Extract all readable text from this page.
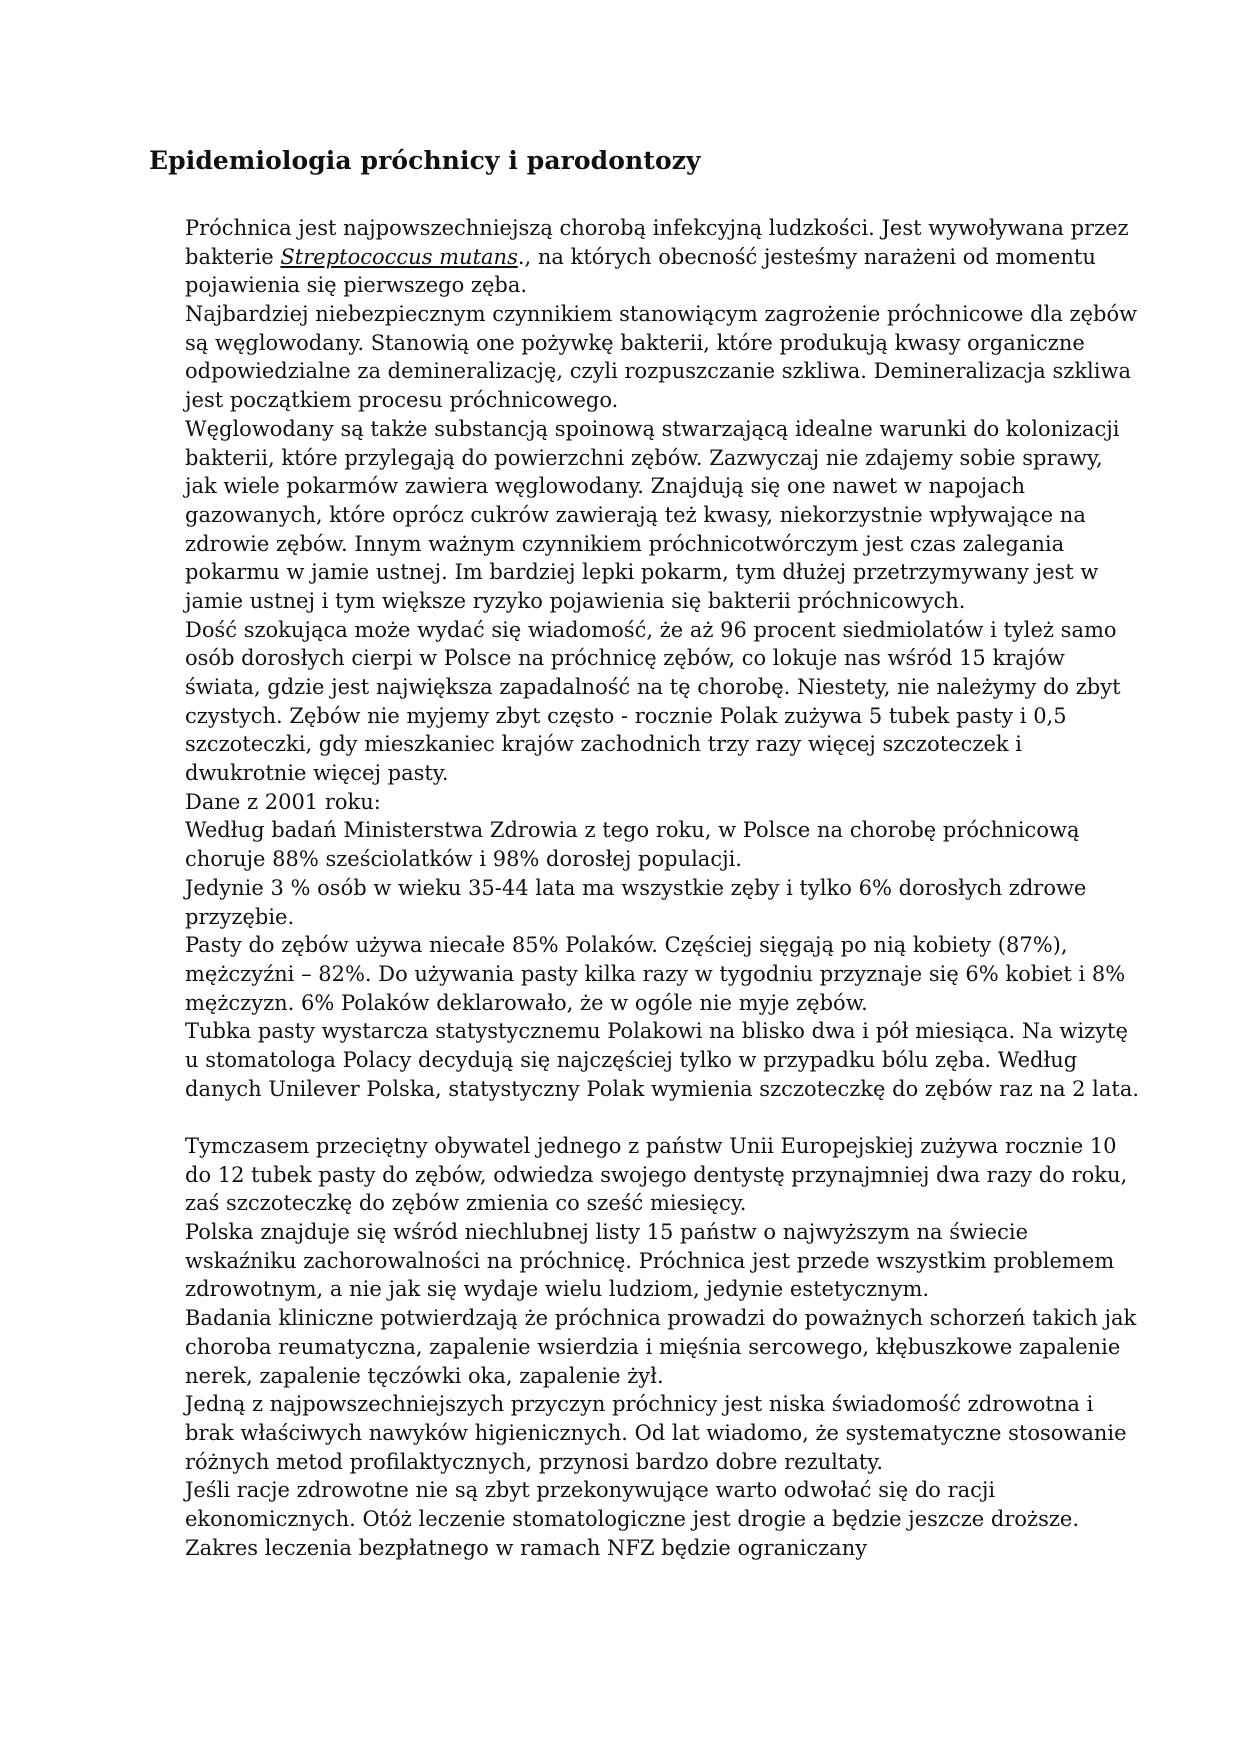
Epidemiologia próchnicy i parodontozy
Próchnica jest najpowszechniejszą chorobą infekcyjną ludzkości. Jest wywoływana przez
bakterie Streptococcus mutans., na których obecność jesteśmy narażeni od momentu
pojawienia się pierwszego zęba.
Najbardziej niebezpiecznym czynnikiem stanowiącym zagrożenie próchnicowe dla zębów
są węglowodany. Stanowią one pożywkę bakterii, które produkują kwasy organiczne
odpowiedzialne za demineralizację, czyli rozpuszczanie szkliwa. Demineralizacja szkliwa
jest początkiem procesu próchnicowego.
Węglowodany są także substancją spoinową stwarzającą idealne warunki do kolonizacji
bakterii, które przylegają do powierzchni zębów. Zazwyczaj nie zdajemy sobie sprawy,
jak wiele pokarmów zawiera węglowodany. Znajdują się one nawet w napojach
gazowanych, które oprócz cukrów zawierają też kwasy, niekorzystnie wpływające na
zdrowie zębów. Innym ważnym czynnikiem próchnicotwórczym jest czas zalegania
pokarmu w jamie ustnej. Im bardziej lepki pokarm, tym dłużej przetrzymywany jest w
jamie ustnej i tym większe ryzyko pojawienia się bakterii próchnicowych.
Dość szokująca może wydać się wiadomość, że aż 96 procent siedmiolatów i tyleż samo
osób dorosłych cierpi w Polsce na próchnicę zębów, co lokuje nas wśród 15 krajów
świata, gdzie jest największa zapadalność na tę chorobę. Niestety, nie należymy do zbyt
czystych. Zębów nie myjemy zbyt często - rocznie Polak zużywa 5 tubek pasty i 0,5
szczoteczki, gdy mieszkaniec krajów zachodnich trzy razy więcej szczoteczek i
dwukrotnie więcej pasty.
Dane z 2001 roku:
Według badań Ministerstwa Zdrowia z tego roku, w Polsce na chorobę próchnicową
choruje 88% sześciolatków i 98% dorosłej populacji.
Jedynie 3 % osób w wieku 35-44 lata ma wszystkie zęby i tylko 6% dorosłych zdrowe
przyzębie.
Pasty do zębów używa niecałe 85% Polaków. Częściej sięgają po nią kobiety (87%),
mężczyźni – 82%. Do używania pasty kilka razy w tygodniu przyznaje się 6% kobiet i 8%
mężczyzn. 6% Polaków deklarowało, że w ogóle nie myje zębów.
Tubka pasty wystarcza statystycznemu Polakowi na blisko dwa i pół miesiąca. Na wizytę
u stomatologa Polacy decydują się najczęściej tylko w przypadku bólu zęba. Według
danych Unilever Polska, statystyczny Polak wymienia szczoteczkę do zębów raz na 2 lata.
Tymczasem przeciętny obywatel jednego z państw Unii Europejskiej zużywa rocznie 10
do 12 tubek pasty do zębów, odwiedza swojego dentystę przynajmniej dwa razy do roku,
zaś szczoteczkę do zębów zmienia co sześć miesięcy.
Polska znajduje się wśród niechlubnej listy 15 państw o najwyższym na świecie
wskaźniku zachorowalności na próchnicę. Próchnica jest przede wszystkim problemem
zdrowotnym, a nie jak się wydaje wielu ludziom, jedynie estetycznym.
Badania kliniczne potwierdzają że próchnica prowadzi do poważnych schorzeń takich jak
choroba reumatyczna, zapalenie wsierdzia i mięśnia sercowego, kłębuszkowe zapalenie
nerek, zapalenie tęczówki oka, zapalenie żył.
Jedną z najpowszechniejszych przyczyn próchnicy jest niska świadomość zdrowotna i
brak właściwych nawyków higienicznych. Od lat wiadomo, że systematyczne stosowanie
różnych metod profilaktycznych, przynosi bardzo dobre rezultaty.
Jeśli racje zdrowotne nie są zbyt przekonywujące warto odwołać się do racji
ekonomicznych. Otóż leczenie stomatologiczne jest drogie a będzie jeszcze droższe.
Zakres leczenia bezpłatnego w ramach NFZ będzie ograniczany
